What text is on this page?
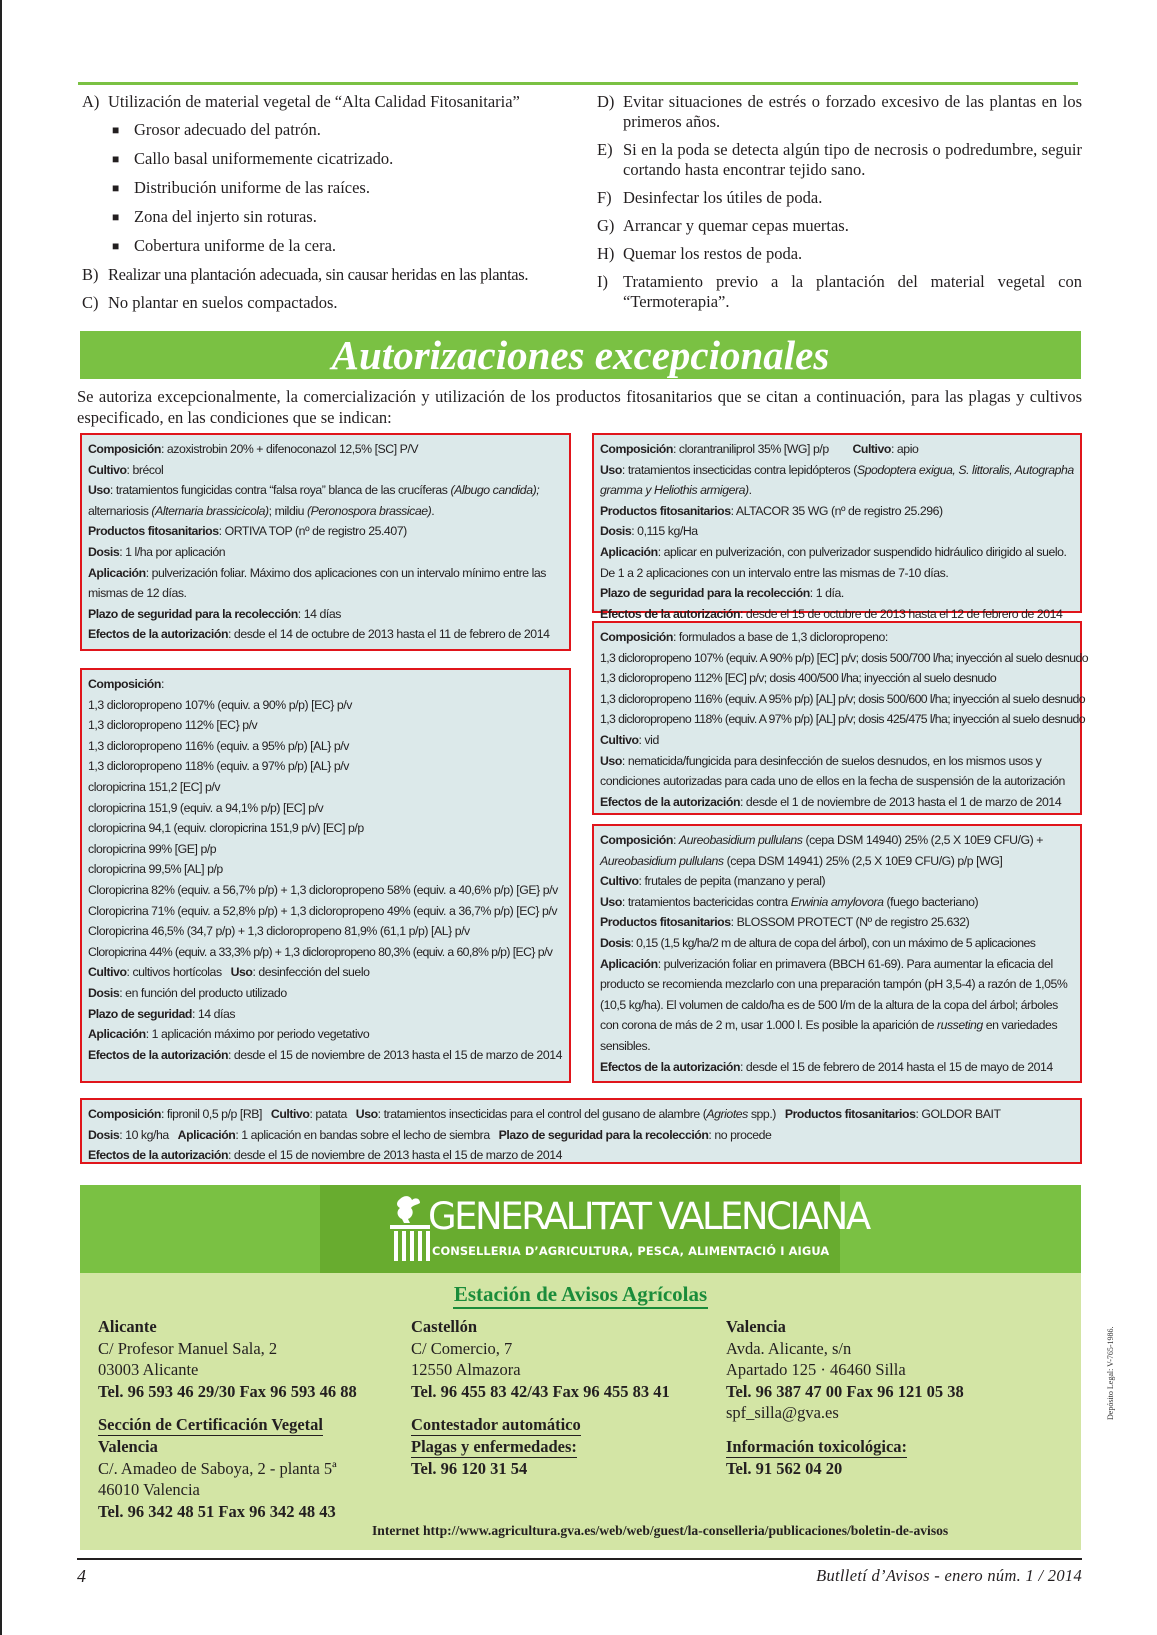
A) Utilización de material vegetal de “Alta Calidad Fitosanitaria”
■ Grosor adecuado del patrón.
■ Callo basal uniformemente cicatrizado.
■ Distribución uniforme de las raíces.
■ Zona del injerto sin roturas.
■ Cobertura uniforme de la cera.
B) Realizar una plantación adecuada, sin causar heridas en las plantas.
C) No plantar en suelos compactados.
D) Evitar situaciones de estrés o forzado excesivo de las plantas en los primeros años.
E) Si en la poda se detecta algún tipo de necrosis o podredumbre, seguir cortando hasta encontrar tejido sano.
F) Desinfectar los útiles de poda.
G) Arrancar y quemar cepas muertas.
H) Quemar los restos de poda.
I) Tratamiento previo a la plantación del material vegetal con “Termoterapia”.
Autorizaciones excepcionales
Se autoriza excepcionalmente, la comercialización y utilización de los productos fitosanitarios que se citan a continuación, para las plagas y cultivos especificado, en las condiciones que se indican:
Composición: azoxistrobin 20% + difenoconazol 12,5% [SC] P/V
Cultivo: brécol
Uso: tratamientos fungicidas contra “falsa roya” blanca de las crucíferas (Albugo candida); alternariosis (Alternaria brassicicola); mildiu (Peronospora brassicae).
Productos fitosanitarios: ORTIVA TOP (nº de registro 25.407)
Dosis: 1 l/ha por aplicación
Aplicación: pulverización foliar. Máximo dos aplicaciones con un intervalo mínimo entre las mismas de 12 días.
Plazo de seguridad para la recolección: 14 días
Efectos de la autorización: desde el 14 de octubre de 2013 hasta el 11 de febrero de 2014
Composición:
1,3 dicloropropeno 107% (equiv. a 90% p/p) [EC} p/v
1,3 dicloropropeno 112% [EC} p/v
1,3 dicloropropeno 116% (equiv. a 95% p/p) [AL} p/v
1,3 dicloropropeno 118% (equiv. a 97% p/p) [AL} p/v
cloropicrina 151,2 [EC] p/v
cloropicrina 151,9 (equiv. a 94,1% p/p) [EC] p/v
cloropicrina 94,1 (equiv. cloropicrina 151,9 p/v) [EC] p/p
cloropicrina 99% [GE] p/p
cloropicrina 99,5% [AL] p/p
Cloropicrina 82% (equiv. a 56,7% p/p) + 1,3 dicloropropeno 58% (equiv. a 40,6% p/p) [GE} p/v
Cloropicrina 71% (equiv. a 52,8% p/p) + 1,3 dicloropropeno 49% (equiv. a 36,7% p/p) [EC} p/v
Cloropicrina 46,5% (34,7 p/p) + 1,3 dicloropropeno 81,9% (61,1 p/p) [AL} p/v
Cloropicrina 44% (equiv. a 33,3% p/p) + 1,3 dicloropropeno 80,3% (equiv. a 60,8% p/p) [EC} p/v
Cultivo: cultivos hortícolas Uso: desinfección del suelo
Dosis: en función del producto utilizado
Plazo de seguridad: 14 días
Aplicación: 1 aplicación máximo por periodo vegetativo
Efectos de la autorización: desde el 15 de noviembre de 2013 hasta el 15 de marzo de 2014
Composición: clorantraniliprol 35% [WG] p/p Cultivo: apio
Uso: tratamientos insecticidas contra lepidópteros (Spodoptera exigua, S. littoralis, Autographa gramma y Heliothis armigera).
Productos fitosanitarios: ALTACOR 35 WG (nº de registro 25.296)
Dosis: 0,115 kg/Ha
Aplicación: aplicar en pulverización, con pulverizador suspendido hidráulico dirigido al suelo. De 1 a 2 aplicaciones con un intervalo entre las mismas de 7-10 días.
Plazo de seguridad para la recolección: 1 día.
Efectos de la autorización: desde el 15 de octubre de 2013 hasta el 12 de febrero de 2014
Composición: formulados a base de 1,3 dicloropropeno:
1,3 dicloropropeno 107% (equiv. A 90% p/p) [EC] p/v; dosis 500/700 l/ha; inyección al suelo desnudo
1,3 dicloropropeno 112% [EC] p/v; dosis 400/500 l/ha; inyección al suelo desnudo
1,3 dicloropropeno 116% (equiv. A 95% p/p) [AL] p/v; dosis 500/600 l/ha; inyección al suelo desnudo
1,3 dicloropropeno 118% (equiv. A 97% p/p) [AL] p/v; dosis 425/475 l/ha; inyección al suelo desnudo
Cultivo: vid
Uso: nematicida/fungicida para desinfección de suelos desnudos, en los mismos usos y condiciones autorizadas para cada uno de ellos en la fecha de suspensión de la autorización
Efectos de la autorización: desde el 1 de noviembre de 2013 hasta el 1 de marzo de 2014
Composición: Aureobasidium pullulans (cepa DSM 14940) 25% (2,5 X 10E9 CFU/G) + Aureobasidium pullulans (cepa DSM 14941) 25% (2,5 X 10E9 CFU/G) p/p [WG]
Cultivo: frutales de pepita (manzano y peral)
Uso: tratamientos bactericidas contra Erwinia amylovora (fuego bacteriano)
Productos fitosanitarios: BLOSSOM PROTECT (Nº de registro 25.632)
Dosis: 0,15 (1,5 kg/ha/2 m de altura de copa del árbol), con un máximo de 5 aplicaciones
Aplicación: pulverización foliar en primavera (BBCH 61-69). Para aumentar la eficacia del producto se recomienda mezclarlo con una preparación tampón (pH 3,5-4) a razón de 1,05% (10,5 kg/ha). El volumen de caldo/ha es de 500 l/m de la altura de la copa del árbol; árboles con corona de más de 2 m, usar 1.000 l. Es posible la aparición de russeting en variedades sensibles.
Efectos de la autorización: desde el 15 de febrero de 2014 hasta el 15 de mayo de 2014
Composición: fipronil 0,5 p/p [RB] Cultivo: patata Uso: tratamientos insecticidas para el control del gusano de alambre (Agriotes spp.) Productos fitosanitarios: GOLDOR BAIT
Dosis: 10 kg/ha Aplicación: 1 aplicación en bandas sobre el lecho de siembra Plazo de seguridad para la recolección: no procede
Efectos de la autorización: desde el 15 de noviembre de 2013 hasta el 15 de marzo de 2014
GENERALITAT VALENCIANA
CONSELLERIA D’AGRICULTURA, PESCA, ALIMENTACIÓ I AIGUA
Estación de Avisos Agrícolas
Alicante
C/ Profesor Manuel Sala, 2
03003 Alicante
Tel. 96 593 46 29/30 Fax 96 593 46 88
Sección de Certificación Vegetal
Valencia
C/. Amadeo de Saboya, 2 - planta 5ª
46010 Valencia
Tel. 96 342 48 51 Fax 96 342 48 43
Castellón
C/ Comercio, 7
12550 Almazora
Tel. 96 455 83 42/43 Fax 96 455 83 41
Contestador automático
Plagas y enfermedades:
Tel. 96 120 31 54
Valencia
Avda. Alicante, s/n
Apartado 125 · 46460 Silla
Tel. 96 387 47 00 Fax 96 121 05 38
spf_silla@gva.es
Información toxicológica:
Tel. 91 562 04 20
Internet http://www.agricultura.gva.es/web/web/guest/la-conselleria/publicaciones/boletin-de-avisos
4	Butlletí d’Avisos - enero núm. 1 / 2014
Depósito Legal: V-765-1986.
